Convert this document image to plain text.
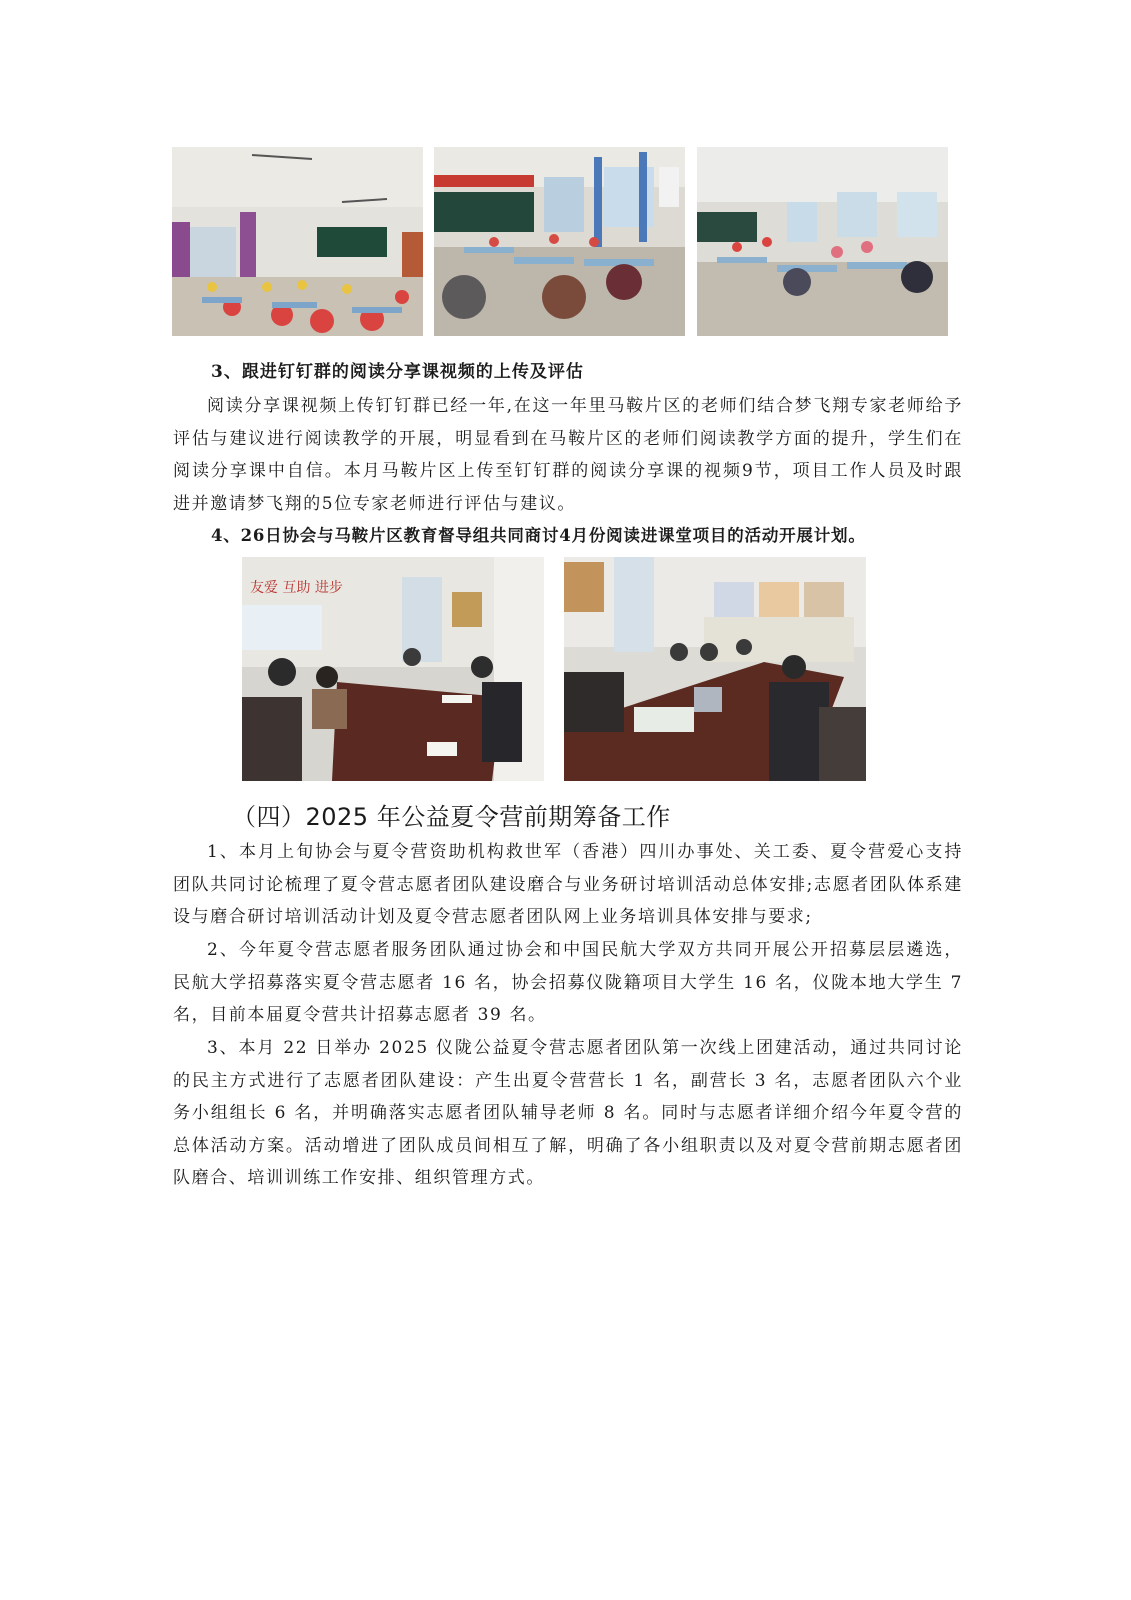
3、跟进钉钉群的阅读分享课视频的上传及评估
阅读分享课视频上传钉钉群已经一年,在这一年里马鞍片区的老师们结合梦飞翔专家老师给予评估与建议进行阅读教学的开展，明显看到在马鞍片区的老师们阅读教学方面的提升，学生们在阅读分享课中自信。本月马鞍片区上传至钉钉群的阅读分享课的视频9节，项目工作人员及时跟进并邀请梦飞翔的5位专家老师进行评估与建议。
4、26日协会与马鞍片区教育督导组共同商讨4月份阅读进课堂项目的活动开展计划。
友爱 互助 进步
（四）2025 年公益夏令营前期筹备工作
1、本月上旬协会与夏令营资助机构救世军（香港）四川办事处、关工委、夏令营爱心支持团队共同讨论梳理了夏令营志愿者团队建设磨合与业务研讨培训活动总体安排;志愿者团队体系建设与磨合研讨培训活动计划及夏令营志愿者团队网上业务培训具体安排与要求;
2、今年夏令营志愿者服务团队通过协会和中国民航大学双方共同开展公开招募层层遴选，民航大学招募落实夏令营志愿者 16 名，协会招募仪陇籍项目大学生 16 名，仪陇本地大学生 7 名，目前本届夏令营共计招募志愿者 39 名。
3、本月 22 日举办 2025 仪陇公益夏令营志愿者团队第一次线上团建活动，通过共同讨论的民主方式进行了志愿者团队建设：产生出夏令营营长 1 名，副营长 3 名，志愿者团队六个业务小组组长 6 名，并明确落实志愿者团队辅导老师 8 名。同时与志愿者详细介绍今年夏令营的总体活动方案。活动增进了团队成员间相互了解，明确了各小组职责以及对夏令营前期志愿者团队磨合、培训训练工作安排、组织管理方式。
